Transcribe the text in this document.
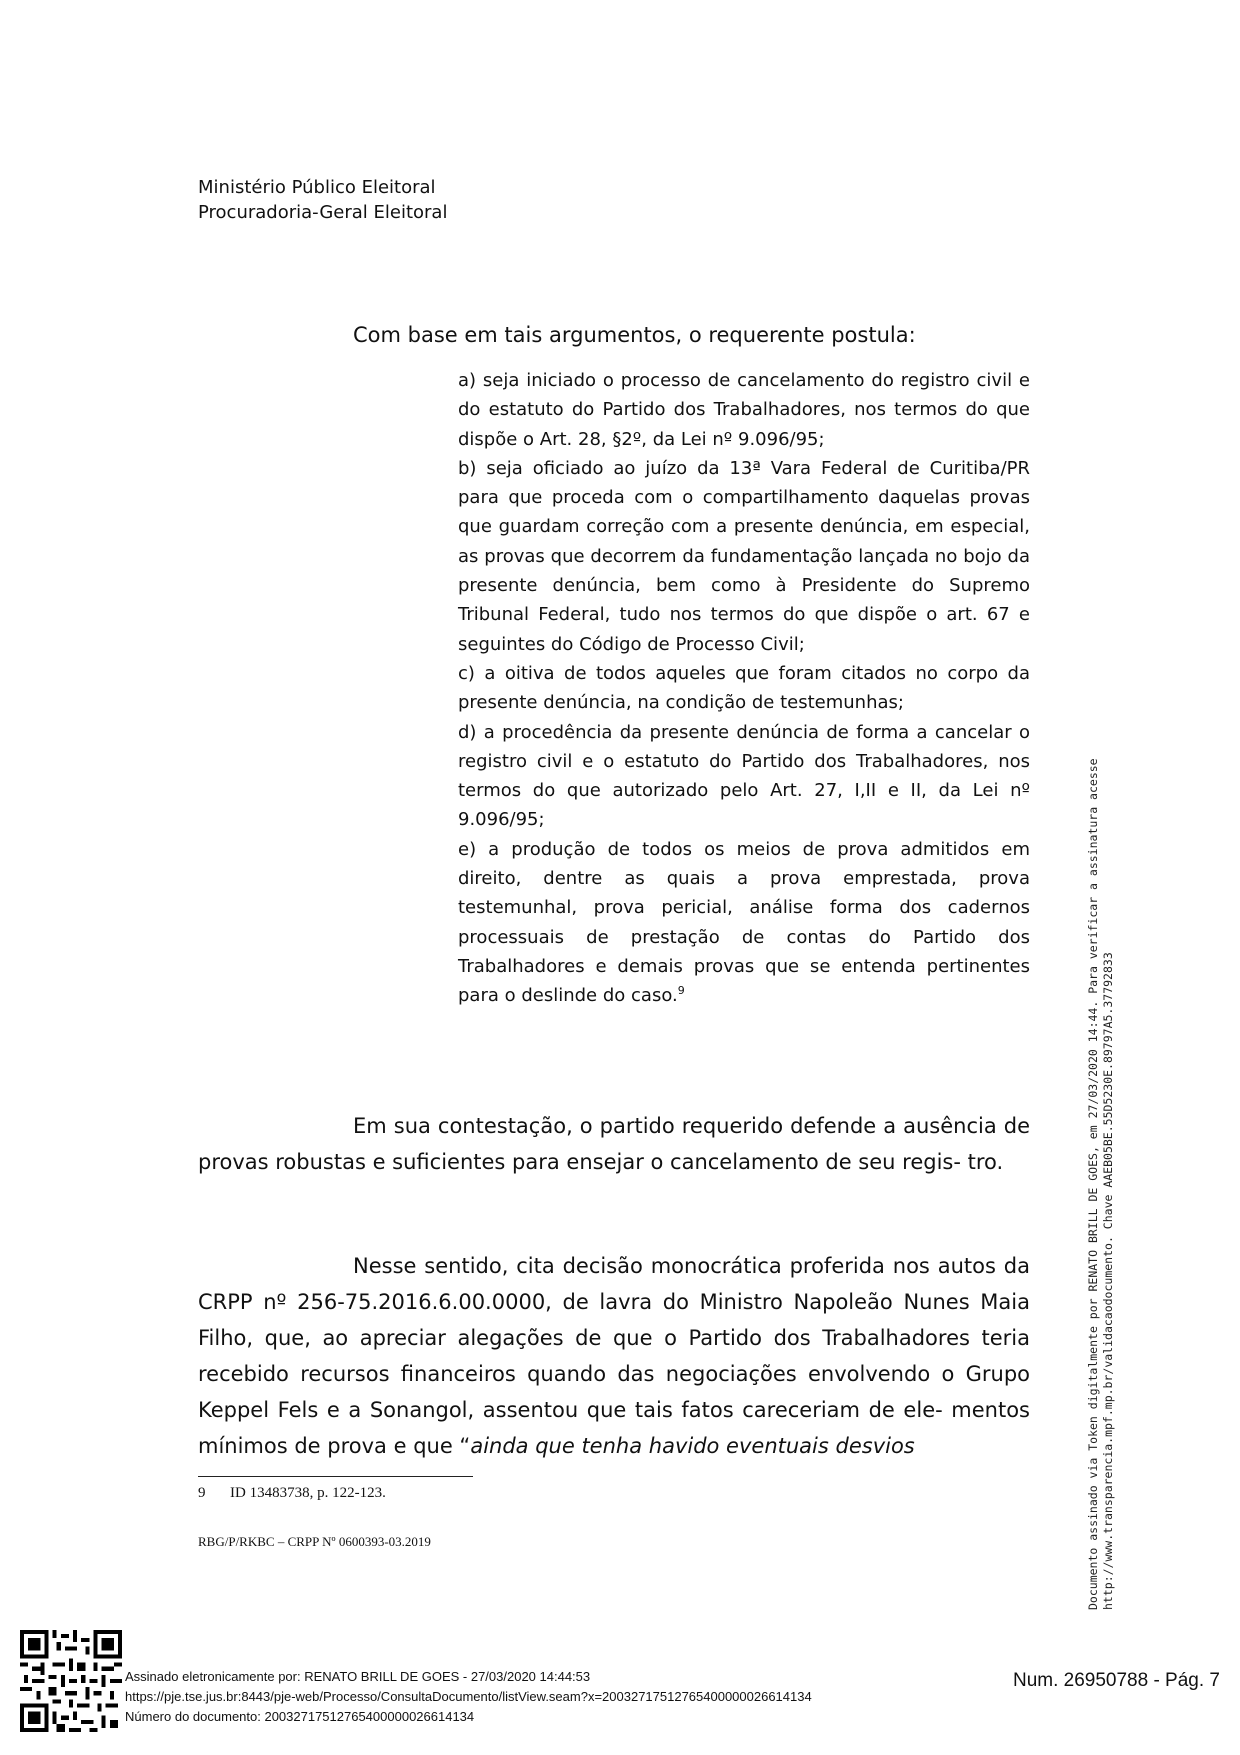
Ministério Público Eleitoral
Procuradoria-Geral Eleitoral
Com base em tais argumentos, o requerente postula:

a) seja iniciado o processo de cancelamento do registro civil e do estatuto do Partido dos Trabalhadores, nos termos do que dispõe o Art. 28, §2º, da Lei nº 9.096/95;

b) seja oficiado ao juízo da 13ª Vara Federal de Curitiba/PR para que proceda com o compartilhamento daquelas provas que guardam correção com a presente denúncia, em especial, as provas que decorrem da fundamentação lançada no bojo da presente denúncia, bem como à Presidente do Supremo Tribunal Federal, tudo nos termos do que dispõe o art. 67 e seguintes do Código de Processo Civil;

c) a oitiva de todos aqueles que foram citados no corpo da presente denúncia, na condição de testemunhas;

d) a procedência da presente denúncia de forma a cancelar o registro civil e o estatuto do Partido dos Trabalhadores, nos termos do que autorizado pelo Art. 27, I,II e II, da Lei nº 9.096/95;

e) a produção de todos os meios de prova admitidos em direito, dentre as quais a prova emprestada, prova testemunhal, prova pericial, análise forma dos cadernos processuais de prestação de contas do Partido dos Trabalhadores e demais provas que se entenda pertinentes para o deslinde do caso.$^9$

Em sua contestação, o partido requerido defende a ausência de provas robustas e suficientes para ensejar o cancelamento de seu regis- tro.

Nesse sentido, cita decisão monocrática proferida nos autos da CRPP nº 256-75.2016.6.00.0000, de lavra do Ministro Napoleão Nunes Maia Filho, que, ao apreciar alegações de que o Partido dos Trabalhadores teria recebido recursos financeiros quando das negociações envolvendo o Grupo Keppel Fels e a Sonangol, assentou que tais fatos careceriam de ele- mentos mínimos de prova e que “ainda que tenha havido eventuais desvios

9 ID 13483738, p. 122-123.
RBG/P/RKBC – CRPP Nº 0600393-03.2019	Documento assinado via Token digitalmente por RENATO BRILL DE GOES, em 27/03/2020 14:44. Para verificar a assinatura acesse http://www.transparencia.mpf.mp.br/validacaodocumento. Chave AAEB05BE.55D5230E.89797A5.37792833
Assinado eletronicamente por: RENATO BRILL DE GOES - 27/03/2020 14:44:53
https://pje.tse.jus.br:8443/pje-web/Processo/ConsultaDocumento/listView.seam?x=20032717512765400000026614134
Número do documento: 20032717512765400000026614134
Num. 26950788 - Pág. 7
